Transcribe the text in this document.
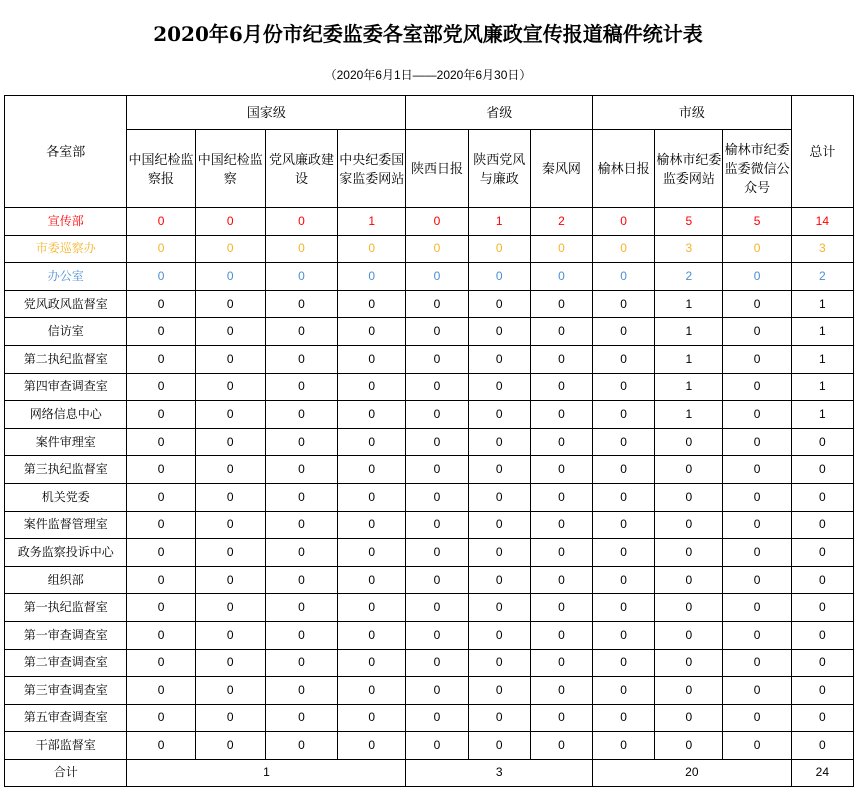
2020年6月份市纪委监委各室部党风廉政宣传报道稿件统计表
（2020年6月1日——2020年6月30日）
各室部	国家级				省级			市级			总计
	中国纪检监察报	中国纪检监察	党风廉政建设	中央纪委国家监委网站	陕西日报	陕西党风与廉政	秦风网	榆林日报	榆林市纪委监委网站	榆林市纪委监委微信公众号	
宣传部	0	0	0	1	0	1	2	0	5	5	14
市委巡察办	0	0	0	0	0	0	0	0	3	0	3
办公室	0	0	0	0	0	0	0	0	2	0	2
党风政风监督室	0	0	0	0	0	0	0	0	1	0	1
信访室	0	0	0	0	0	0	0	0	1	0	1
第二执纪监督室	0	0	0	0	0	0	0	0	1	0	1
第四审查调查室	0	0	0	0	0	0	0	0	1	0	1
网络信息中心	0	0	0	0	0	0	0	0	1	0	1
案件审理室	0	0	0	0	0	0	0	0	0	0	0
第三执纪监督室	0	0	0	0	0	0	0	0	0	0	0
机关党委	0	0	0	0	0	0	0	0	0	0	0
案件监督管理室	0	0	0	0	0	0	0	0	0	0	0
政务监察投诉中心	0	0	0	0	0	0	0	0	0	0	0
组织部	0	0	0	0	0	0	0	0	0	0	0
第一执纪监督室	0	0	0	0	0	0	0	0	0	0	0
第一审查调查室	0	0	0	0	0	0	0	0	0	0	0
第二审查调查室	0	0	0	0	0	0	0	0	0	0	0
第三审查调查室	0	0	0	0	0	0	0	0	0	0	0
第五审查调查室	0	0	0	0	0	0	0	0	0	0	0
干部监督室	0	0	0	0	0	0	0	0	0	0	0
合计	1				3			20			24
